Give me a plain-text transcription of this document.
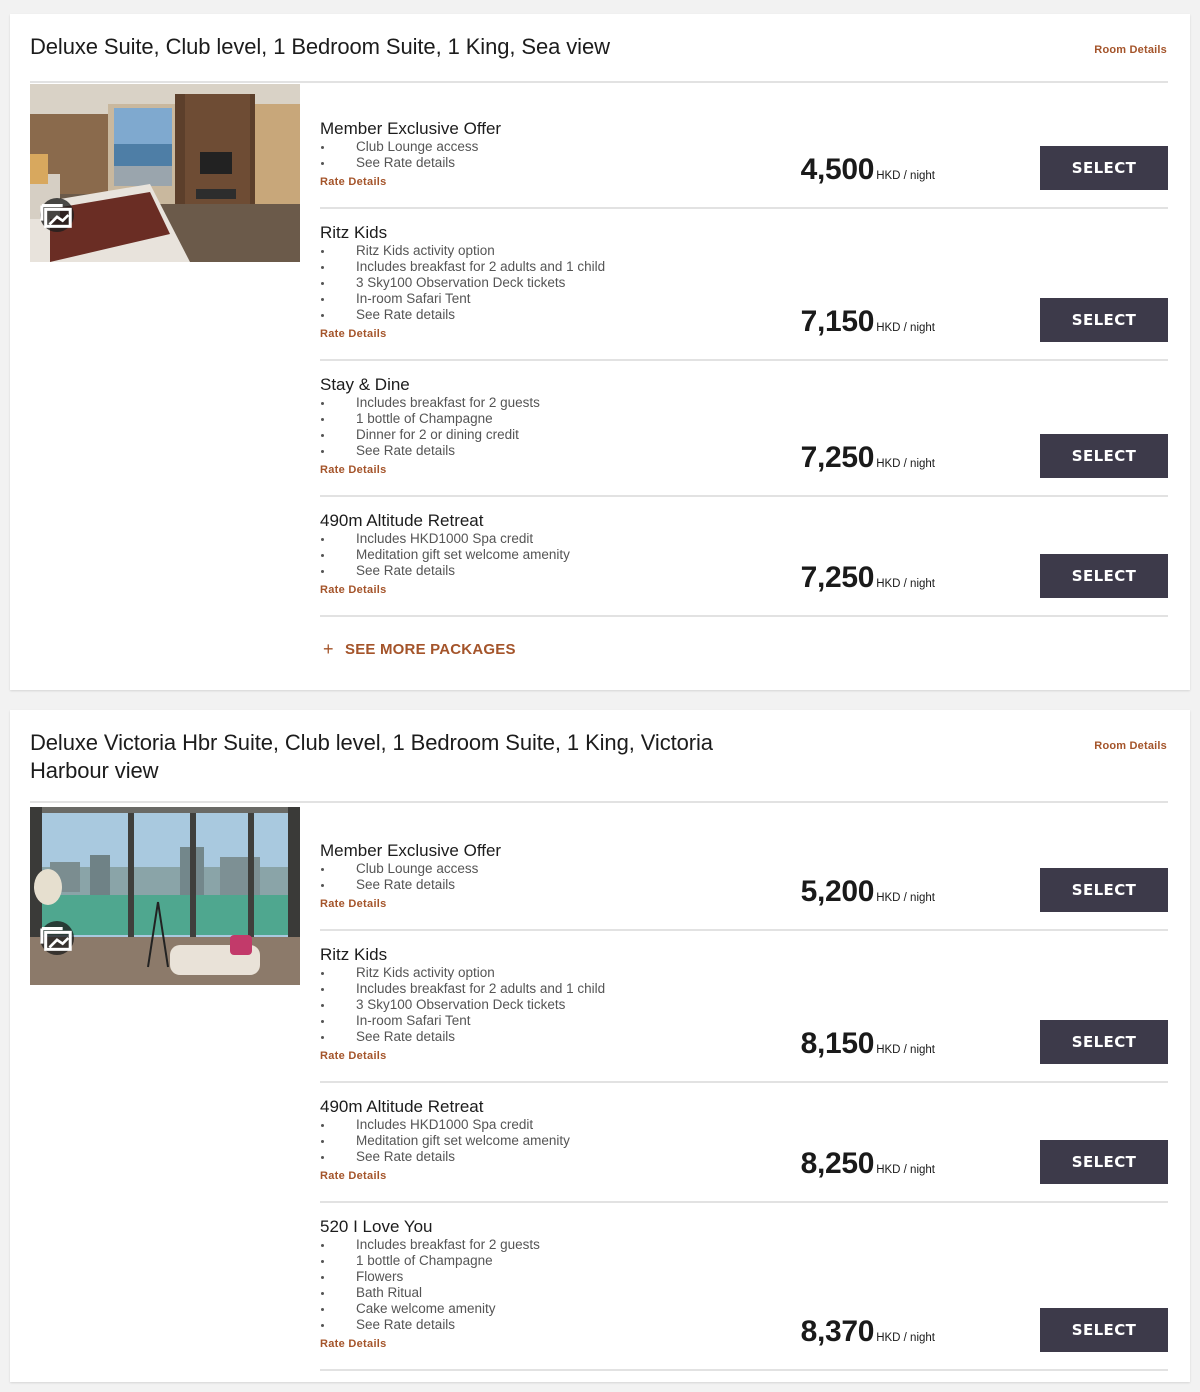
Deluxe Suite, Club level, 1 Bedroom Suite, 1 King, Sea view	Room Details
Member Exclusive Offer
Club Lounge access
See Rate details
Rate Details	4,500 HKD / night	SELECT
Ritz Kids
Ritz Kids activity option
Includes breakfast for 2 adults and 1 child
3 Sky100 Observation Deck tickets
In-room Safari Tent
See Rate details
Rate Details	7,150 HKD / night	SELECT
Stay & Dine
Includes breakfast for 2 guests
1 bottle of Champagne
Dinner for 2 or dining credit
See Rate details
Rate Details	7,250 HKD / night	SELECT
490m Altitude Retreat
Includes HKD1000 Spa credit
Meditation gift set welcome amenity
See Rate details
Rate Details	7,250 HKD / night	SELECT
+ SEE MORE PACKAGES
Deluxe Victoria Hbr Suite, Club level, 1 Bedroom Suite, 1 King, Victoria Harbour view
Room Details
Member Exclusive Offer
Club Lounge access
See Rate details
Rate Details	5,200 HKD / night	SELECT
Ritz Kids
Ritz Kids activity option
Includes breakfast for 2 adults and 1 child
3 Sky100 Observation Deck tickets
In-room Safari Tent
See Rate details
Rate Details	8,150 HKD / night	SELECT
490m Altitude Retreat
Includes HKD1000 Spa credit
Meditation gift set welcome amenity
See Rate details
Rate Details	8,250 HKD / night	SELECT
520 I Love You
Includes breakfast for 2 guests
1 bottle of Champagne
Flowers
Bath Ritual
Cake welcome amenity
See Rate details
Rate Details	8,370 HKD / night	SELECT
